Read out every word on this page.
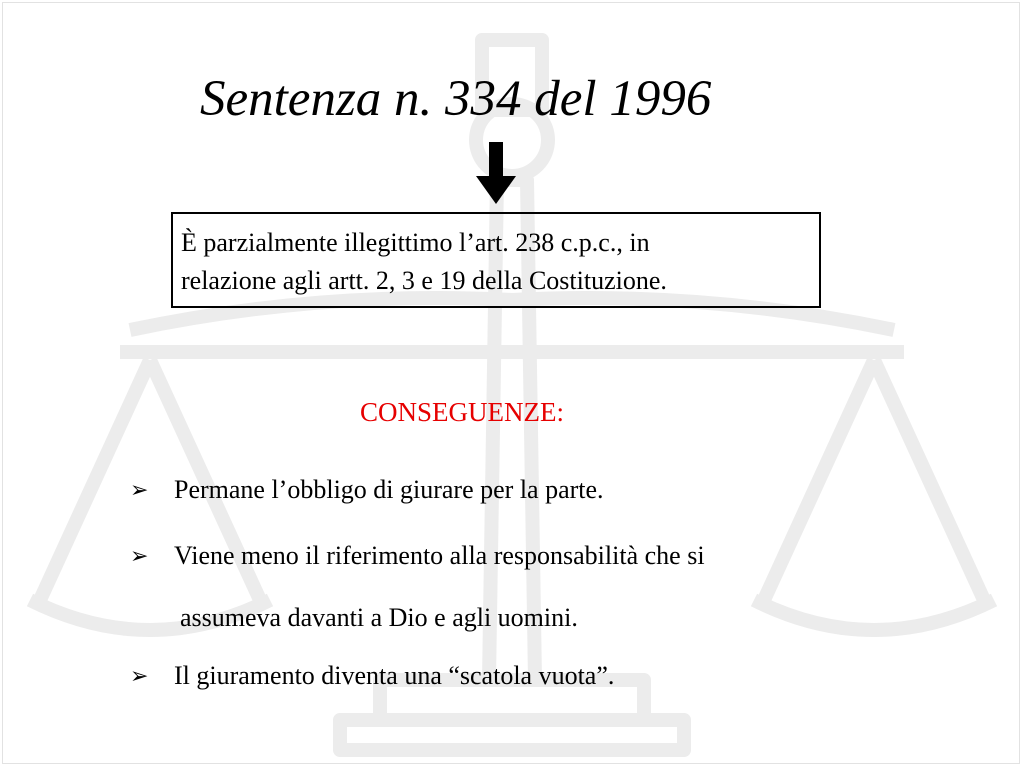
Sentenza n. 334 del 1996
È parzialmente illegittimo l’art. 238 c.p.c., in
relazione agli artt. 2, 3 e 19 della Costituzione.
CONSEGUENZE:
➢ Permane l’obbligo di giurare per la parte.
➢ Viene meno il riferimento alla responsabilità che si
assumeva davanti a Dio e agli uomini.
➢ Il giuramento diventa una “scatola vuota”.
